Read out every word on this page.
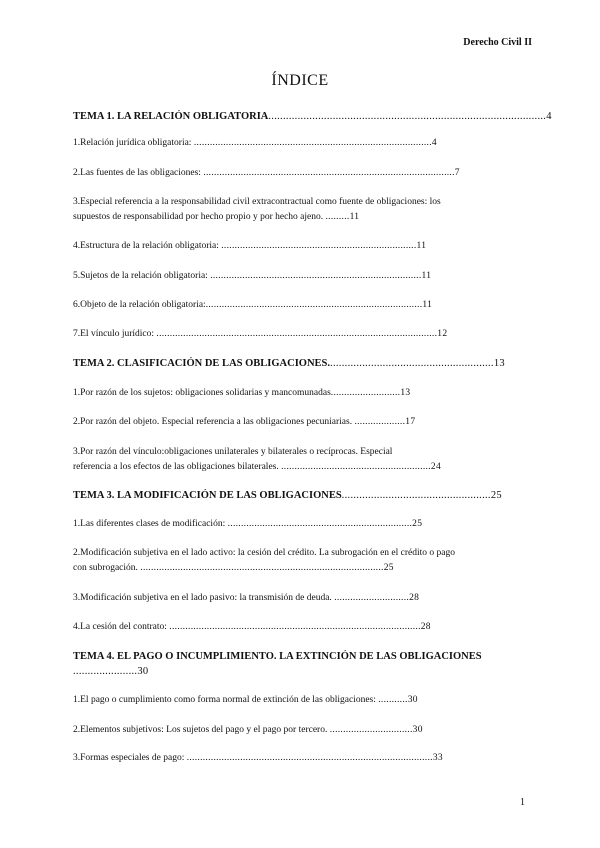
Derecho Civil II
ÍNDICE
TEMA 1. LA RELACIÓN OBLIGATORIA...............................................................................................4
1.Relación jurídica obligatoria: .........................................................................................4
2.Las fuentes de las obligaciones: ..............................................................................................7
3.Especial referencia a la responsabilidad civil extracontractual como fuente de obligaciones: los
supuestos de responsabilidad por hecho propio y por hecho ajeno. .........11
4.Estructura de la relación obligatoria: .........................................................................11
5.Sujetos de la relación obligatoria: ...............................................................................11
6.Objeto de la relación obligatoria:.................................................................................11
7.El vínculo jurídico: .........................................................................................................12
TEMA 2. CLASIFICACIÓN DE LAS OBLIGACIONES.........................................................13
1.Por razón de los sujetos: obligaciones solidarias y mancomunadas..........................13
2.Por razón del objeto. Especial referencia a las obligaciones pecuniarias. ...................17
3.Por razón del vínculo:obligaciones unilaterales y bilaterales o recíprocas. Especial
referencia a los efectos de las obligaciones bilaterales. ........................................................24
TEMA 3. LA MODIFICACIÓN DE LAS OBLIGACIONES...................................................25
1.Las diferentes clases de modificación: .....................................................................25
2.Modificación subjetiva en el lado activo: la cesión del crédito. La subrogación en el crédito o pago
con subrogación. ...........................................................................................25
3.Modificación subjetiva en el lado pasivo: la transmisión de deuda. ............................28
4.La cesión del contrato: ..............................................................................................28
TEMA 4. EL PAGO O INCUMPLIMIENTO. LA EXTINCIÓN DE LAS OBLIGACIONES
......................30
1.El pago o cumplimiento como forma normal de extinción de las obligaciones: ...........30
2.Elementos subjetivos: Los sujetos del pago y el pago por tercero. ...............................30
3.Formas especiales de pago: ............................................................................................33
1
